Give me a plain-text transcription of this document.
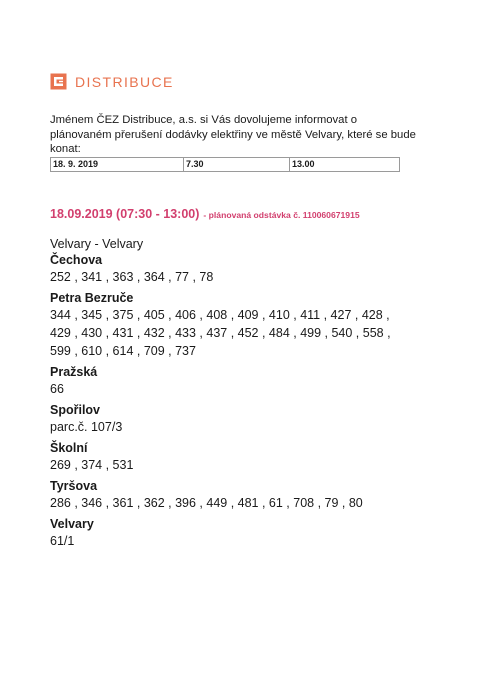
DISTRIBUCE
Jménem ČEZ Distribuce, a.s. si Vás dovolujeme informovat o plánovaném přerušení dodávky elektřiny ve městě Velvary, které se bude konat:
18. 9. 2019	7.30	13.00
18.09.2019 (07:30 - 13:00) - plánovaná odstávka č. 110060671915
Velvary - Velvary
Čechova
252 , 341 , 363 , 364 , 77 , 78
Petra Bezruče
344 , 345 , 375 , 405 , 406 , 408 , 409 , 410 , 411 , 427 , 428 ,
429 , 430 , 431 , 432 , 433 , 437 , 452 , 484 , 499 , 540 , 558 ,
599 , 610 , 614 , 709 , 737
Pražská
66
Spořilov
parc.č. 107/3
Školní
269 , 374 , 531
Tyršova
286 , 346 , 361 , 362 , 396 , 449 , 481 , 61 , 708 , 79 , 80
Velvary
61/1
